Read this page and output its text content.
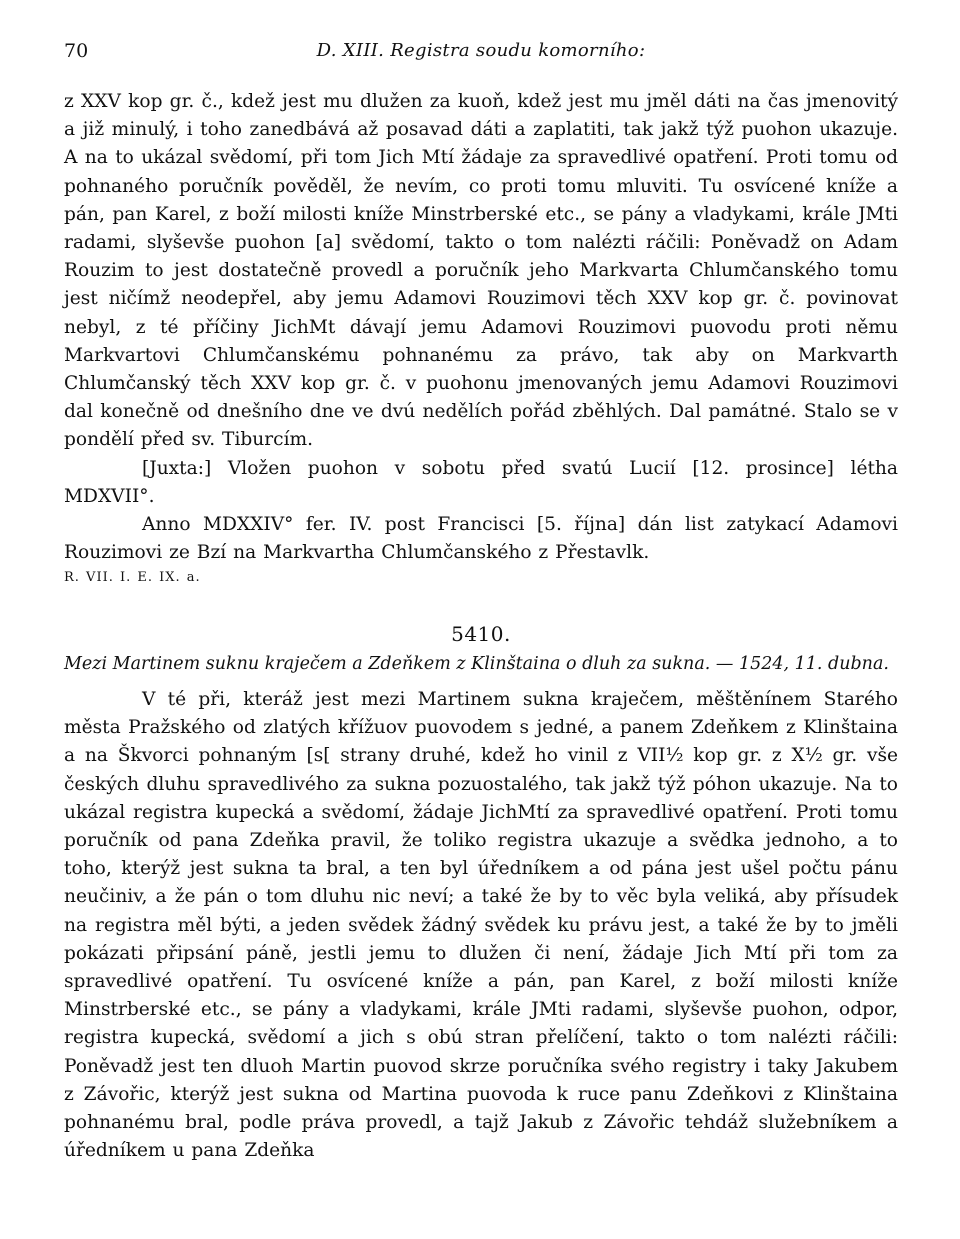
70	D. XIII. Registra soudu komorního:

z XXV kop gr. č., kdež jest mu dlužen za kuoň, kdež jest mu jměl dáti na čas jmenovitý a již minulý, i toho zanedbává až posavad dáti a zaplatiti, tak jakž týž puohon ukazuje. A na to ukázal svědomí, při tom Jich Mtí žádaje za spravedlivé opatření. Proti tomu od pohnaného poručník pověděl, že nevím, co proti tomu mluviti. Tu osvícené kníže a pán, pan Karel, z boží milosti kníže Minstrberské etc., se pány a vladykami, krále JMti radami, slyševše puohon [a] svědomí, takto o tom nalézti ráčili: Poněvadž on Adam Rouzim to jest dostatečně provedl a poručník jeho Markvarta Chlumčanského tomu jest ničímž neodepřel, aby jemu Adamovi Rouzimovi těch XXV kop gr. č. povinovat nebyl, z té příčiny JichMt dávají jemu Adamovi Rouzimovi puovodu proti němu Markvartovi Chlumčanskému pohnanému za právo, tak aby on Markvarth Chlumčanský těch XXV kop gr. č. v puohonu jmenovaných jemu Adamovi Rouzimovi dal konečně od dnešního dne ve dvú nedělích pořád zběhlých. Dal památné. Stalo se v pondělí před sv. Tiburcím.

[Juxta:] Vložen puohon v sobotu před svatú Lucií [12. prosince] létha MDXVII°.

Anno MDXXIV° fer. IV. post Francisci [5. října] dán list zatykací Adamovi Rouzimovi ze Bzí na Markvartha Chlumčanského z Přestavlk.

R. VII. I. E. IX. a.

5410.
Mezi Martinem suknu kraječem a Zdeňkem z Klinštaina o dluh za sukna. — 1524, 11. dubna.

V té při, kteráž jest mezi Martinem sukna kraječem, měštěnínem Starého města Pražského od zlatých křížuov puovodem s jedné, a panem Zdeňkem z Klinštaina a na Škvorci pohnaným [s[ strany druhé, kdež ho vinil z VII½ kop gr. z X½ gr. vše českých dluhu spravedlivého za sukna pozuostalého, tak jakž týž póhon ukazuje. Na to ukázal registra kupecká a svědomí, žádaje JichMtí za spravedlivé opatření. Proti tomu poručník od pana Zdeňka pravil, že toliko registra ukazuje a svědka jednoho, a to toho, kterýž jest sukna ta bral, a ten byl úředníkem a od pána jest ušel počtu pánu neučiniv, a že pán o tom dluhu nic neví; a také že by to věc byla veliká, aby přísudek na registra měl býti, a jeden svědek žádný svědek ku právu jest, a také že by to jměli pokázati připsání páně, jestli jemu to dlužen či není, žádaje Jich Mtí při tom za spravedlivé opatření. Tu osvícené kníže a pán, pan Karel, z boží milosti kníže Minstrberské etc., se pány a vladykami, krále JMti radami, slyševše puohon, odpor, registra kupecká, svědomí a jich s obú stran přelíčení, takto o tom nalézti ráčili: Poněvadž jest ten dluoh Martin puovod skrze poručníka svého registry i taky Jakubem z Závořic, kterýž jest sukna od Martina puovoda k ruce panu Zdeňkovi z Klinštaina pohnanému bral, podle práva provedl, a tajž Jakub z Závořic tehdáž služebníkem a úředníkem u pana Zdeňka
